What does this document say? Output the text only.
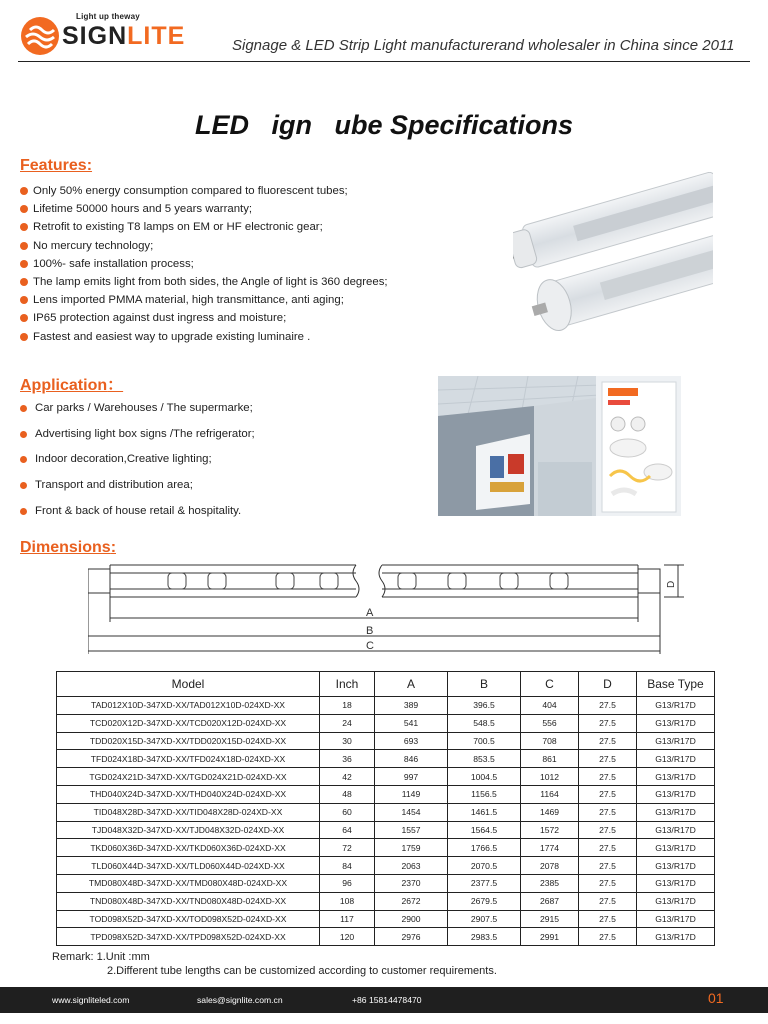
Light up theway
SIGNLITE	Signage & LED Strip Light manufacturerand wholesaler in China since 2011
LED   ign   ube Specifications
Features:
Only 50% energy consumption compared to fluorescent tubes;
Lifetime 50000 hours and 5 years warranty;
Retrofit to existing T8 lamps on EM or HF electronic gear;
No mercury technology;
100%- safe installation process;
The lamp emits light from both sides, the Angle of light is 360 degrees;
Lens imported PMMA material, high transmittance, anti aging;
IP65 protection against dust ingress and moisture;
Fastest and easiest way to upgrade existing luminaire .
Application：
Car parks / Warehouses / The supermarke;
Advertising light box signs /The refrigerator;
Indoor decoration,Creative lighting;
Transport and distribution area;
Front & back of house retail & hospitality.
Dimensions:
A
B
C
D
Model	Inch	A	B	C	D	Base Type
TAD012X10D-347XD-XX/TAD012X10D-024XD-XX	18	389	396.5	404	27.5	G13/R17D
TCD020X12D-347XD-XX/TCD020X12D-024XD-XX	24	541	548.5	556	27.5	G13/R17D
TDD020X15D-347XD-XX/TDD020X15D-024XD-XX	30	693	700.5	708	27.5	G13/R17D
TFD024X18D-347XD-XX/TFD024X18D-024XD-XX	36	846	853.5	861	27.5	G13/R17D
TGD024X21D-347XD-XX/TGD024X21D-024XD-XX	42	997	1004.5	1012	27.5	G13/R17D
THD040X24D-347XD-XX/THD040X24D-024XD-XX	48	1149	1156.5	1164	27.5	G13/R17D
TID048X28D-347XD-XX/TID048X28D-024XD-XX	60	1454	1461.5	1469	27.5	G13/R17D
TJD048X32D-347XD-XX/TJD048X32D-024XD-XX	64	1557	1564.5	1572	27.5	G13/R17D
TKD060X36D-347XD-XX/TKD060X36D-024XD-XX	72	1759	1766.5	1774	27.5	G13/R17D
TLD060X44D-347XD-XX/TLD060X44D-024XD-XX	84	2063	2070.5	2078	27.5	G13/R17D
TMD080X48D-347XD-XX/TMD080X48D-024XD-XX	96	2370	2377.5	2385	27.5	G13/R17D
TND080X48D-347XD-XX/TND080X48D-024XD-XX	108	2672	2679.5	2687	27.5	G13/R17D
TOD098X52D-347XD-XX/TOD098X52D-024XD-XX	117	2900	2907.5	2915	27.5	G13/R17D
TPD098X52D-347XD-XX/TPD098X52D-024XD-XX	120	2976	2983.5	2991	27.5	G13/R17D
Remark: 1.Unit :mm
2.Different tube lengths can be customized according to customer requirements.
www.signliteled.com	sales@signlite.com.cn	+86 15814478470	01
